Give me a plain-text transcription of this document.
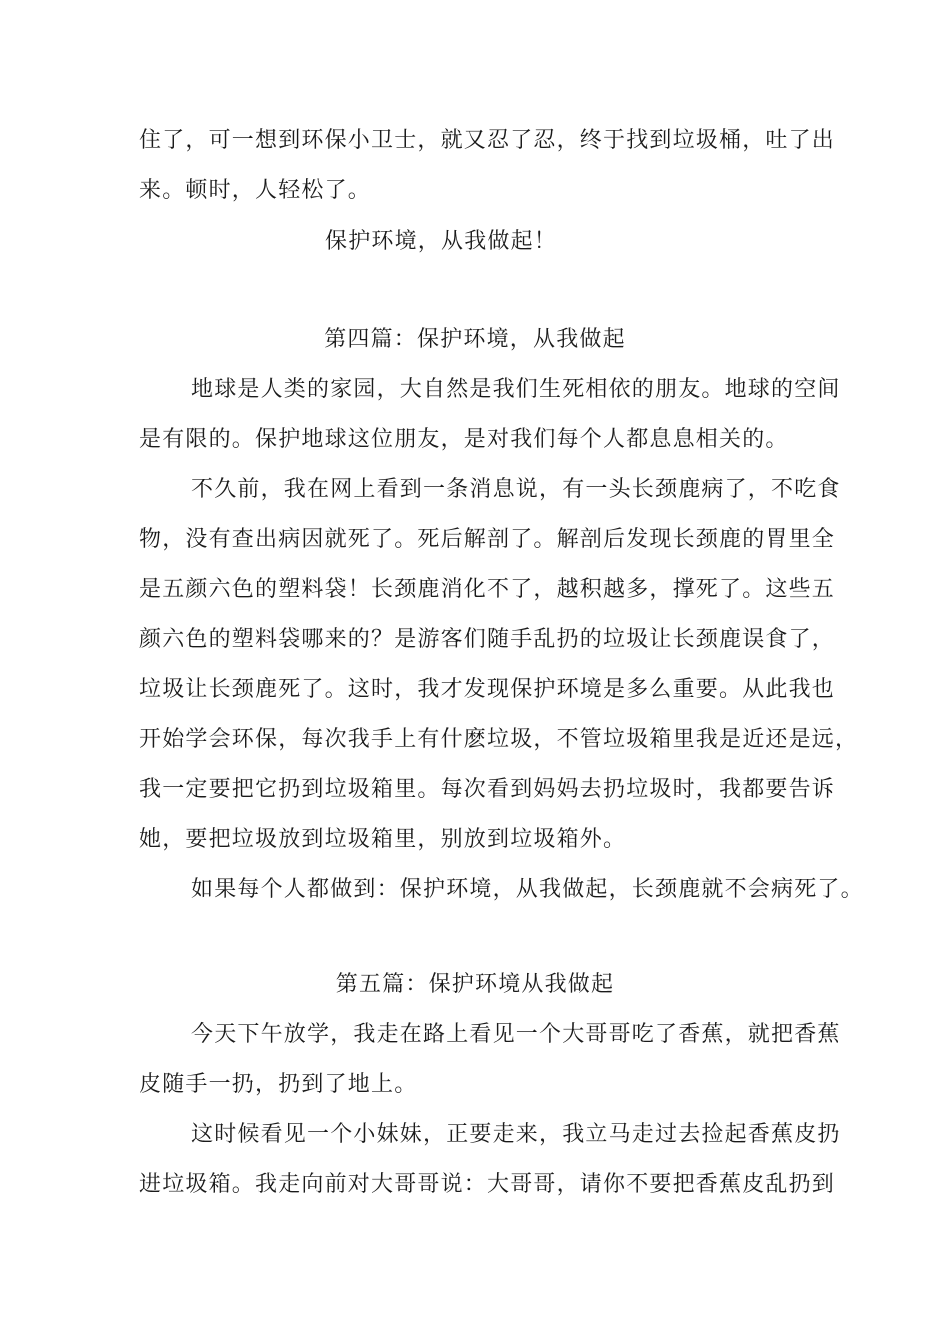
住了，可一想到环保小卫士，就又忍了忍，终于找到垃圾桶，吐了出
来。顿时，人轻松了。
保护环境，从我做起！
第四篇：保护环境，从我做起
地球是人类的家园，大自然是我们生死相依的朋友。地球的空间
是有限的。保护地球这位朋友，是对我们每个人都息息相关的。
不久前，我在网上看到一条消息说，有一头长颈鹿病了，不吃食
物，没有查出病因就死了。死后解剖了。解剖后发现长颈鹿的胃里全
是五颜六色的塑料袋！长颈鹿消化不了，越积越多，撑死了。这些五
颜六色的塑料袋哪来的？是游客们随手乱扔的垃圾让长颈鹿误食了，
垃圾让长颈鹿死了。这时，我才发现保护环境是多么重要。从此我也
开始学会环保，每次我手上有什麽垃圾，不管垃圾箱里我是近还是远，
我一定要把它扔到垃圾箱里。每次看到妈妈去扔垃圾时，我都要告诉
她，要把垃圾放到垃圾箱里，别放到垃圾箱外。
如果每个人都做到：保护环境，从我做起，长颈鹿就不会病死了。
第五篇：保护环境从我做起
今天下午放学，我走在路上看见一个大哥哥吃了香蕉，就把香蕉
皮随手一扔，扔到了地上。
这时候看见一个小妹妹，正要走来，我立马走过去捡起香蕉皮扔
进垃圾箱。我走向前对大哥哥说：大哥哥，请你不要把香蕉皮乱扔到
